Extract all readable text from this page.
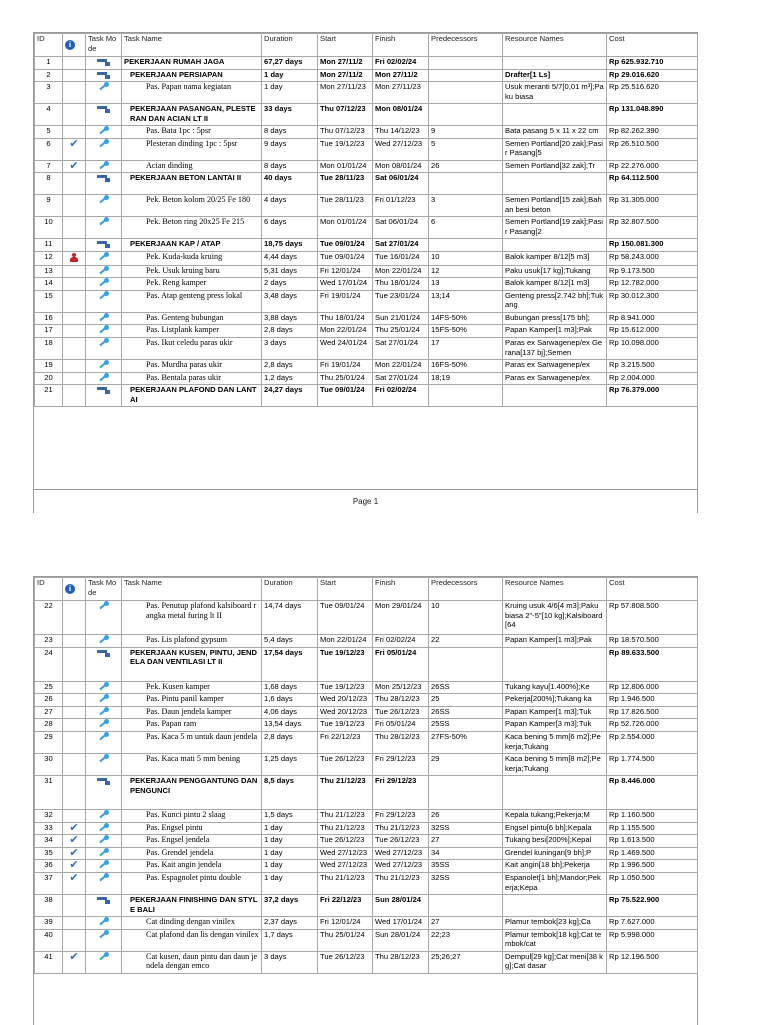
ID	i	Task Mode	Task Name	Duration	Start	Finish	Predecessors	Resource Names	Cost
1			PEKERJAAN RUMAH JAGA	67,27 days	Mon 27/11/2	Fri 02/02/24			Rp 625.932.710
2			PEKERJAAN PERSIAPAN	1 day	Mon 27/11/2	Mon 27/11/2		Drafter[1 Ls]	Rp 29.016.620
3			Pas. Papan nama kegiatan	1 day	Mon 27/11/23	Mon 27/11/23		Usuk meranti 5/7[0,01 m³];Paku biasa	Rp 25.516.620
4			PEKERJAAN PASANGAN, PLESTERAN DAN ACIAN LT II	33 days	Thu 07/12/23	Mon 08/01/24			Rp 131.048.890
5			Pas. Bata 1pc : 5psr	8 days	Thu 07/12/23	Thu 14/12/23	9	Bata pasang 5 x 11 x 22 cm	Rp 82.262.390
6	✔		Plesteran dinding 1pc : 5psr	9 days	Tue 19/12/23	Wed 27/12/23	5	Semen Portland[20 zak];Pasir Pasang[5	Rp 26.510.500
7	✔		Acian dinding	8 days	Mon 01/01/24	Mon 08/01/24	26	Semen Portland[32 zak];Tr	Rp 22.276.000
8			PEKERJAAN BETON LANTAI II	40 days	Tue 28/11/23	Sat 06/01/24			Rp 64.112.500
9			Pek. Beton kolom 20/25 Fe 180	4 days	Tue 28/11/23	Fri 01/12/23	3	Semen Portland[15 zak];Bahan besi beton	Rp 31.305.000
10			Pek. Beton ring 20x25 Fe 215	6 days	Mon 01/01/24	Sat 06/01/24	6	Semen Portland[19 zak];Pasir Pasang[2	Rp 32.807.500
11			PEKERJAAN KAP / ATAP	18,75 days	Tue 09/01/24	Sat 27/01/24			Rp 150.081.300
12			Pek. Kuda-kuda kruing	4,44 days	Tue 09/01/24	Tue 16/01/24	10	Balok kamper 8/12[5 m3]	Rp 58.243.000
13			Pek. Usuk kruing baru	5,31 days	Fri 12/01/24	Mon 22/01/24	12	Paku usuk[17 kg];Tukang	Rp 9.173.500
14			Pek. Reng kamper	2 days	Wed 17/01/24	Thu 18/01/24	13	Balok kamper 8/12[1 m3]	Rp 12.782.000
15			Pas. Atap genteng press lokal	3,48 days	Fri 19/01/24	Tue 23/01/24	13;14	Genteng press[2.742 bh];Tukang	Rp 30.012.300
16			Pas. Genteng bubungan	3,88 days	Thu 18/01/24	Sun 21/01/24	14FS-50%	Bubungan press[175 bh];	Rp 8.941.000
17			Pas. Listplank kamper	2,8 days	Mon 22/01/24	Thu 25/01/24	15FS-50%	Papan Kamper[1 m3];Pak	Rp 15.612.000
18			Pas. Ikut celedu paras ukir	3 days	Wed 24/01/24	Sat 27/01/24	17	Paras ex Sarwagenep/ex Gerana[137 bj];Semen	Rp 10.098.000
19			Pas. Murdha paras ukir	2,8 days	Fri 19/01/24	Mon 22/01/24	16FS-50%	Paras ex Sarwagenep/ex	Rp 3.215.500
20			Pas. Bentala paras ukir	1,2 days	Thu 25/01/24	Sat 27/01/24	18;19	Paras ex Sarwagenep/ex	Rp 2.004.000
21			PEKERJAAN PLAFOND DAN LANTAI	24,27 days	Tue 09/01/24	Fri 02/02/24			Rp 76.379.000
Page 1
ID	i	Task Mode	Task Name	Duration	Start	Finish	Predecessors	Resource Names	Cost
22			Pas. Penutup plafond kalsiboard rangka metal furing lt II	14,74 days	Tue 09/01/24	Mon 29/01/24	10	Kruing usuk 4/6[4 m3];Paku biasa 2"-5"[10 kg];Kalsiboard[64	Rp 57.808.500
23			Pas. Lis plafond gypsum	5,4 days	Mon 22/01/24	Fri 02/02/24	22	Papan Kamper[1 m3];Pak	Rp 18.570.500
24			PEKERJAAN KUSEN, PINTU, JENDELA DAN VENTILASI LT II	17,54 days	Tue 19/12/23	Fri 05/01/24			Rp 89.633.500
25			Pek. Kusen kamper	1,68 days	Tue 19/12/23	Mon 25/12/23	26SS	Tukang kayu[1.400%];Ke	Rp 12.806.000
26			Pas. Pintu panil kamper	1,6 days	Wed 20/12/23	Thu 28/12/23	25	Pekerja[200%];Tukang ka	Rp 1.946.500
27			Pas. Daun jendela kamper	4,06 days	Wed 20/12/23	Tue 26/12/23	26SS	Papan Kamper[1 m3];Tuk	Rp 17.826.500
28			Pas. Papan ram	13,54 days	Tue 19/12/23	Fri 05/01/24	25SS	Papan Kamper[3 m3];Tuk	Rp 52.726.000
29			Pas. Kaca 5 m untuk daun jendela	2,8 days	Fri 22/12/23	Thu 28/12/23	27FS-50%	Kaca bening 5 mm[6 m2];Pekerja;Tukang	Rp 2.554.000
30			Pas. Kaca mati 5 mm bening	1,25 days	Tue 26/12/23	Fri 29/12/23	29	Kaca bening 5 mm[8 m2];Pekerja;Tukang	Rp 1.774.500
31			PEKERJAAN PENGGANTUNG DAN PENGUNCI	8,5 days	Thu 21/12/23	Fri 29/12/23			Rp 8.446.000
32			Pas. Kunci pintu 2 slaag	1,5 days	Thu 21/12/23	Fri 29/12/23	26	Kepala tukang;Pekerja;M	Rp 1.160.500
33	✔		Pas. Engsel pintu	1 day	Thu 21/12/23	Thu 21/12/23	32SS	Engsel pintu[6 bh];Kepala	Rp 1.155.500
34	✔		Pas. Engsel jendela	1 day	Tue 26/12/23	Tue 26/12/23	27	Tukang besi[200%];Kepal	Rp 1.613.500
35	✔		Pas. Grendel jendela	1 day	Wed 27/12/23	Wed 27/12/23	34	Grendel kuningan[9 bh];P	Rp 1.469.500
36	✔		Pas. Kait angin jendela	1 day	Wed 27/12/23	Wed 27/12/23	35SS	Kait angin[18 bh];Pekerja	Rp 1.996.500
37	✔		Pas. Espagnolet pintu double	1 day	Thu 21/12/23	Thu 21/12/23	32SS	Espanolet[1 bh];Mandor;Pekerja;Kepa	Rp 1.050.500
38			PEKERJAAN FINISHING DAN STYLE BALI	37,2 days	Fri 22/12/23	Sun 28/01/24			Rp 75.522.900
39			Cat dinding dengan vinilex	2,37 days	Fri 12/01/24	Wed 17/01/24	27	Plamur tembok[23 kg];Ca	Rp 7.627.000
40			Cat plafond dan lis dengan vinilex	1,7 days	Thu 25/01/24	Sun 28/01/24	22;23	Plamur tembok[18 kg];Cat tembok/cat	Rp 5.998.000
41	✔		Cat kusen, daun pintu dan daun jendela dengan emco	3 days	Tue 26/12/23	Thu 28/12/23	25;26;27	Dempul[29 kg];Cat meni[38 kg];Cat dasar	Rp 12.196.500
